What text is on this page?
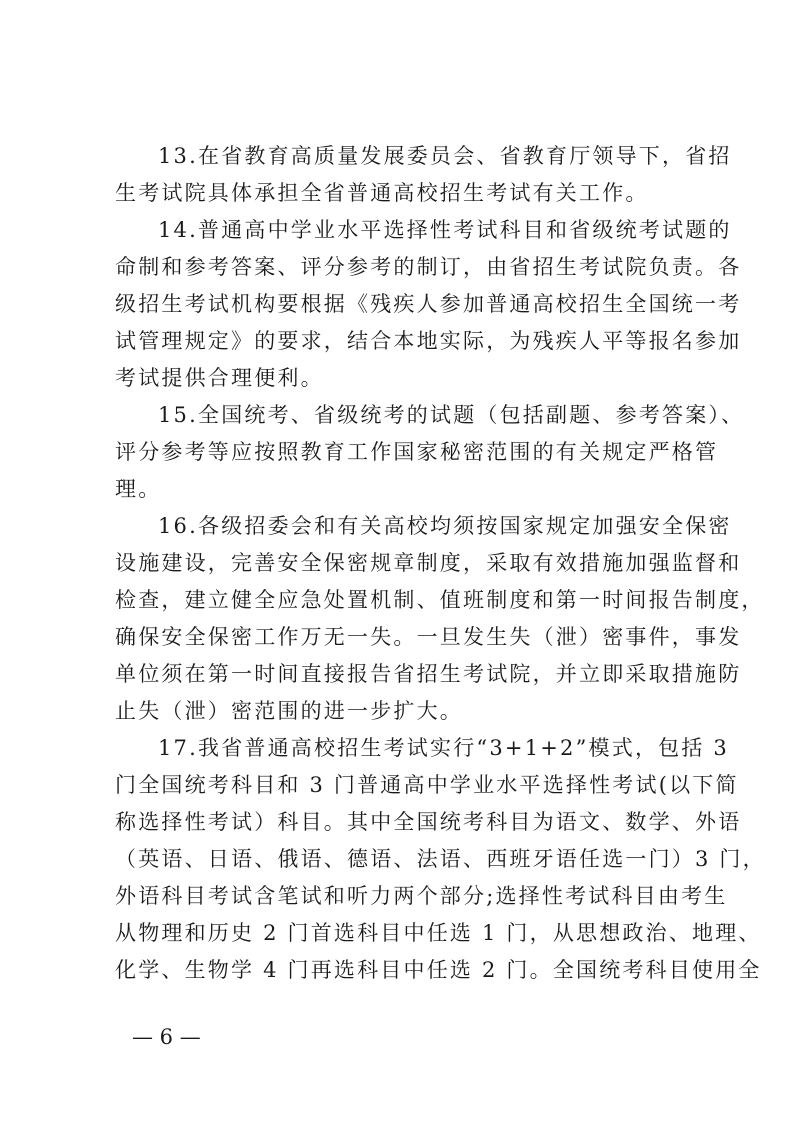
13.在省教育高质量发展委员会、省教育厅领导下，省招
生考试院具体承担全省普通高校招生考试有关工作。
14.普通高中学业水平选择性考试科目和省级统考试题的
命制和参考答案、评分参考的制订，由省招生考试院负责。各
级招生考试机构要根据《残疾人参加普通高校招生全国统一考
试管理规定》的要求，结合本地实际，为残疾人平等报名参加
考试提供合理便利。
15.全国统考、省级统考的试题（包括副题、参考答案）、
评分参考等应按照教育工作国家秘密范围的有关规定严格管
理。
16.各级招委会和有关高校均须按国家规定加强安全保密
设施建设，完善安全保密规章制度，采取有效措施加强监督和
检查，建立健全应急处置机制、值班制度和第一时间报告制度，
确保安全保密工作万无一失。一旦发生失（泄）密事件，事发
单位须在第一时间直接报告省招生考试院，并立即采取措施防
止失（泄）密范围的进一步扩大。
17.我省普通高校招生考试实行“3+1+2”模式，包括 3
门全国统考科目和 3 门普通高中学业水平选择性考试(以下简
称选择性考试）科目。其中全国统考科目为语文、数学、外语
（英语、日语、俄语、德语、法语、西班牙语任选一门）3 门，
外语科目考试含笔试和听力两个部分;选择性考试科目由考生
从物理和历史 2 门首选科目中任选 1 门，从思想政治、地理、
化学、生物学 4 门再选科目中任选 2 门。全国统考科目使用全
— 6 —
